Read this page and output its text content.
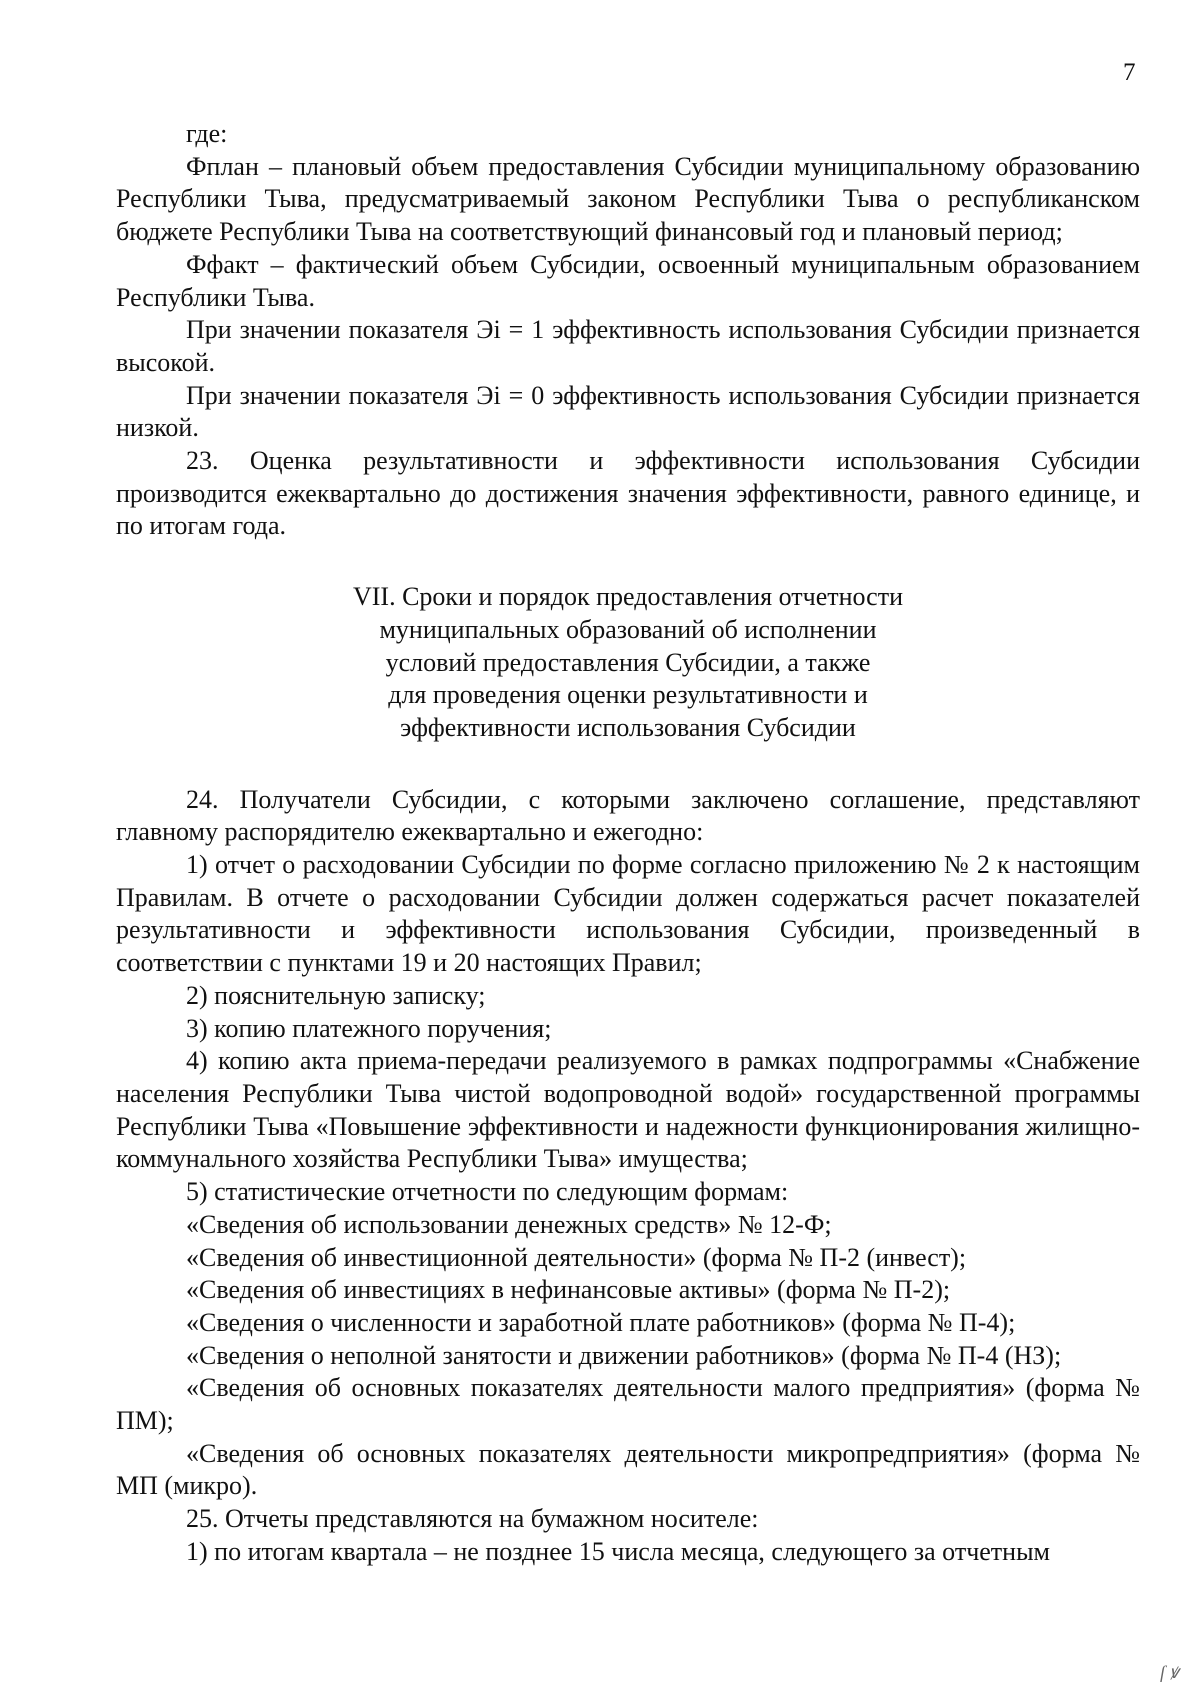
7

где:

Фплан – плановый объем предоставления Субсидии муниципальному образованию Республики Тыва, предусматриваемый законом Республики Тыва о республиканском бюджете Республики Тыва на соответствующий финансовый год и плановый период;

Ффакт – фактический объем Субсидии, освоенный муниципальным образованием Республики Тыва.

При значении показателя Эi = 1 эффективность использования Субсидии признается высокой.

При значении показателя Эi = 0 эффективность использования Субсидии признается низкой.

23. Оценка результативности и эффективности использования Субсидии производится ежеквартально до достижения значения эффективности, равного единице, и по итогам года.

VII. Сроки и порядок предоставления отчетности
муниципальных образований об исполнении
условий предоставления Субсидии, а также
для проведения оценки результативности и
эффективности использования Субсидии

24. Получатели Субсидии, с которыми заключено соглашение, представляют главному распорядителю ежеквартально и ежегодно:

1) отчет о расходовании Субсидии по форме согласно приложению № 2 к настоящим Правилам. В отчете о расходовании Субсидии должен содержаться расчет показателей результативности и эффективности использования Субсидии, произведенный в соответствии с пунктами 19 и 20 настоящих Правил;

2) пояснительную записку;

3) копию платежного поручения;

4) копию акта приема-передачи реализуемого в рамках подпрограммы «Снабжение населения Республики Тыва чистой водопроводной водой» государственной программы Республики Тыва «Повышение эффективности и надежности функционирования жилищно-коммунального хозяйства Республики Тыва» имущества;

5) статистические отчетности по следующим формам:

«Сведения об использовании денежных средств» № 12-Ф;

«Сведения об инвестиционной деятельности» (форма № П-2 (инвест);

«Сведения об инвестициях в нефинансовые активы» (форма № П-2);

«Сведения о численности и заработной плате работников» (форма № П-4);

«Сведения о неполной занятости и движении работников» (форма № П-4 (НЗ);

«Сведения об основных показателях деятельности малого предприятия» (форма № ПМ);

«Сведения об основных показателях деятельности микропредприятия» (форма № МП (микро).

25. Отчеты представляются на бумажном носителе:

1) по итогам квартала – не позднее 15 числа месяца, следующего за отчетным

ſ ꝟ
